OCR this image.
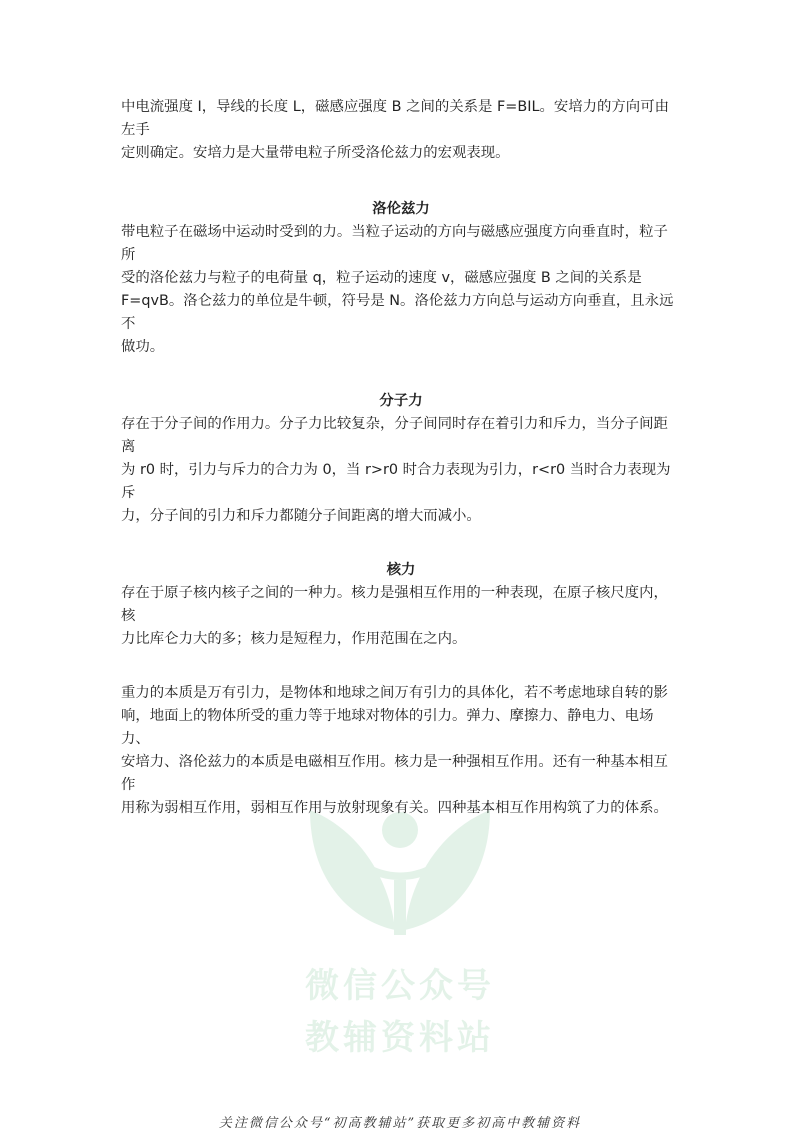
中电流强度 I，导线的长度 L，磁感应强度 B 之间的关系是 F=BIL。安培力的方向可由左手

定则确定。安培力是大量带电粒子所受洛伦兹力的宏观表现。

洛伦兹力

带电粒子在磁场中运动时受到的力。当粒子运动的方向与磁感应强度方向垂直时，粒子所

受的洛伦兹力与粒子的电荷量 q，粒子运动的速度 v，磁感应强度 B 之间的关系是

F=qvB。洛仑兹力的单位是牛顿，符号是 N。洛伦兹力方向总与运动方向垂直，且永远不

做功。

分子力

存在于分子间的作用力。分子力比较复杂，分子间同时存在着引力和斥力，当分子间距离

为 r0 时，引力与斥力的合力为 0，当 r>r0 时合力表现为引力，r<r0 当时合力表现为斥

力，分子间的引力和斥力都随分子间距离的增大而减小。

核力

存在于原子核内核子之间的一种力。核力是强相互作用的一种表现，在原子核尺度内，核

力比库仑力大的多；核力是短程力，作用范围在之内。

重力的本质是万有引力，是物体和地球之间万有引力的具体化，若不考虑地球自转的影

响，地面上的物体所受的重力等于地球对物体的引力。弹力、摩擦力、静电力、电场力、

安培力、洛伦兹力的本质是电磁相互作用。核力是一种强相互作用。还有一种基本相互作

用称为弱相互作用，弱相互作用与放射现象有关。四种基本相互作用构筑了力的体系。

微信公众号
教辅资料站
关注微信公众号“初高教辅站”获取更多初高中教辅资料
